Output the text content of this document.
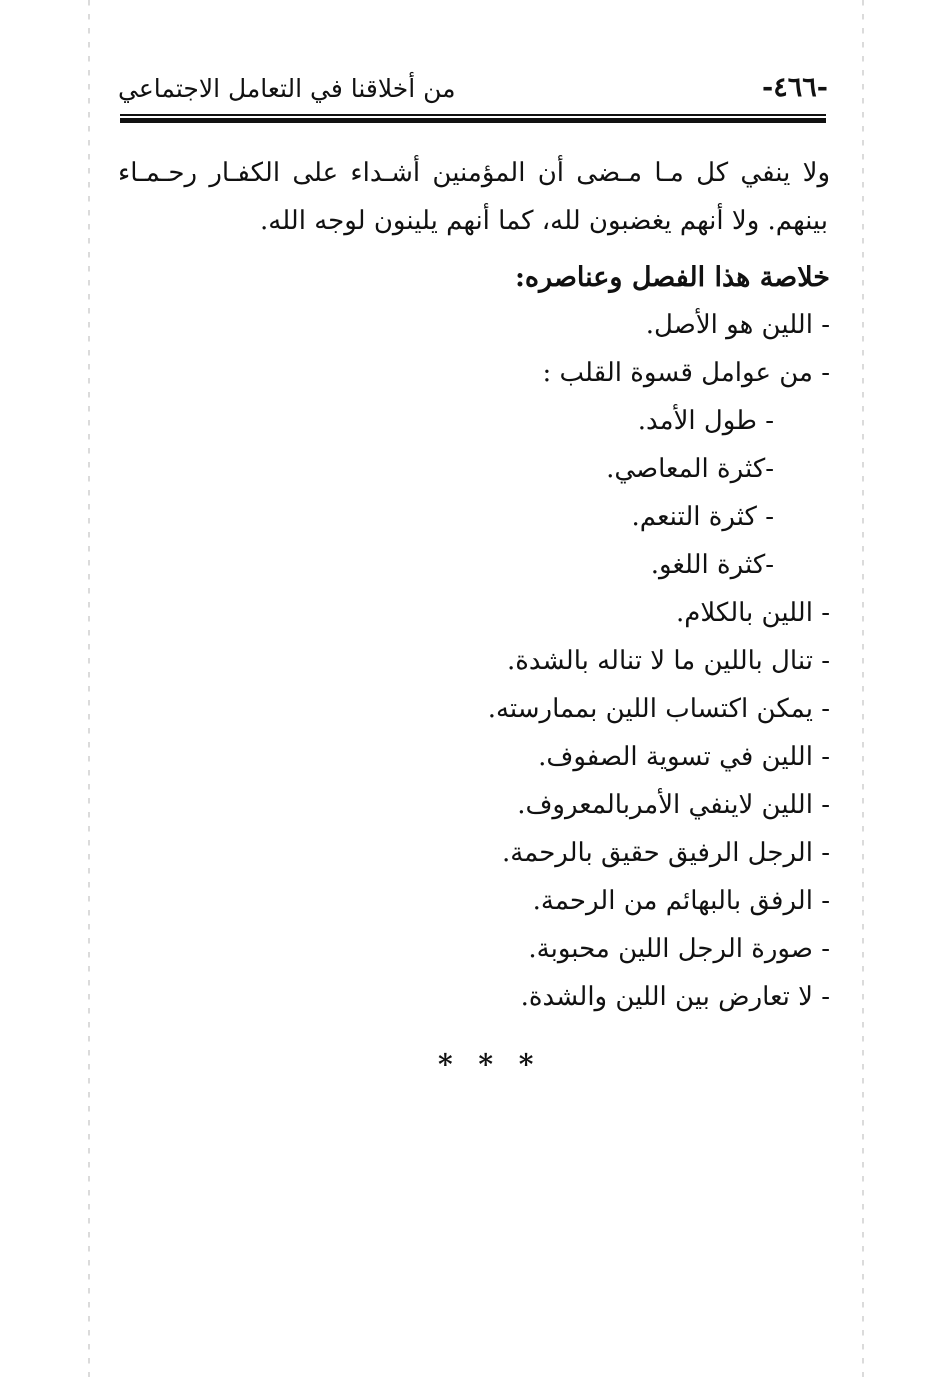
-٤٦٦-
من أخلاقنا في التعامل الاجتماعي
ولا ينفي كل مـا مـضى أن المؤمنين أشـداء على الكفـار رحـمـاء
بينهم. ولا أنهم يغضبون لله، كما أنهم يلينون لوجه الله.
خلاصة هذا الفصل وعناصره:
- اللين هو الأصل.
- من عوامل قسوة القلب :
- طول الأمد.
-كثرة المعاصي.
- كثرة التنعم.
-كثرة اللغو.
- اللين بالكلام.
- تنال باللين ما لا تناله بالشدة.
- يمكن اكتساب اللين بممارسته.
- اللين في تسوية الصفوف.
- اللين لاينفي الأمربالمعروف.
- الرجل الرفيق حقيق بالرحمة.
- الرفق بالبهائم من الرحمة.
- صورة الرجل اللين محبوبة.
- لا تعارض بين اللين والشدة.
* * *
